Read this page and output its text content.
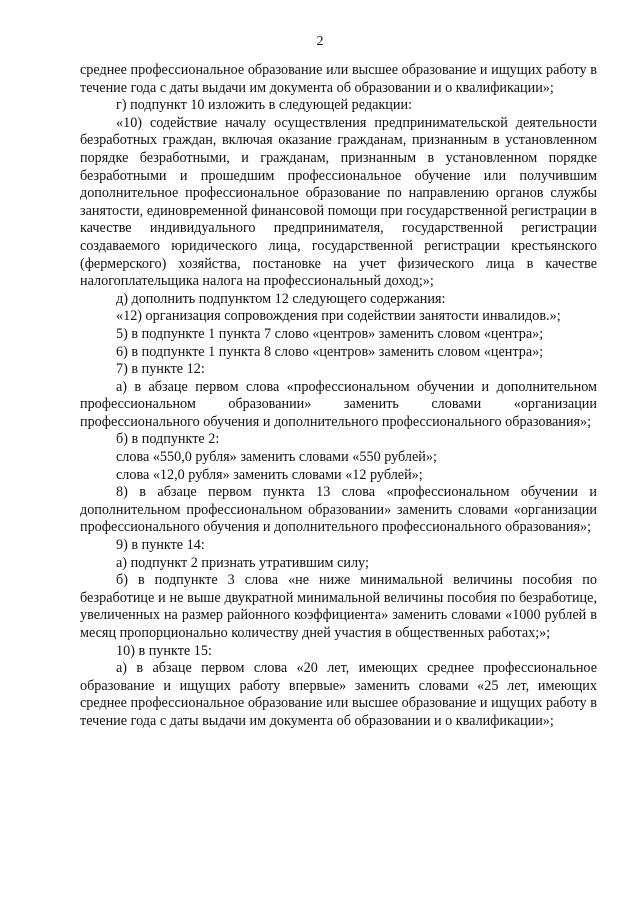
2

среднее профессиональное образование или высшее образование и ищущих работу в течение года с даты выдачи им документа об образовании и о квалификации»;

г) подпункт 10 изложить в следующей редакции:

«10) содействие началу осуществления предпринимательской деятельности безработных граждан, включая оказание гражданам, признанным в установленном порядке безработными, и гражданам, признанным в установленном порядке безработными и прошедшим профессиональное обучение или получившим дополнительное профессиональное образование по направлению органов службы занятости, единовременной финансовой помощи при государственной регистрации в качестве индивидуального предпринимателя, государственной регистрации создаваемого юридического лица, государственной регистрации крестьянского (фермерского) хозяйства, постановке на учет физического лица в качестве налогоплательщика налога на профессиональный доход;»;

д) дополнить подпунктом 12 следующего содержания:

«12) организация сопровождения при содействии занятости инвалидов.»;

5) в подпункте 1 пункта 7 слово «центров» заменить словом «центра»;

6) в подпункте 1 пункта 8 слово «центров» заменить словом «центра»;

7) в пункте 12:

а) в абзаце первом слова «профессиональном обучении и дополнительном профессиональном образовании» заменить словами «организации профессионального обучения и дополнительного профессионального образования»;

б) в подпункте 2:

слова «550,0 рубля» заменить словами «550 рублей»;

слова «12,0 рубля» заменить словами «12 рублей»;

8) в абзаце первом пункта 13 слова «профессиональном обучении и дополнительном профессиональном образовании» заменить словами «организации профессионального обучения и дополнительного профессионального образования»;

9) в пункте 14:

а) подпункт 2 признать утратившим силу;

б) в подпункте 3 слова «не ниже минимальной величины пособия по безработице и не выше двукратной минимальной величины пособия по безработице, увеличенных на размер районного коэффициента» заменить словами «1000 рублей в месяц пропорционально количеству дней участия в общественных работах;»;

10) в пункте 15:

а) в абзаце первом слова «20 лет, имеющих среднее профессиональное образование и ищущих работу впервые» заменить словами «25 лет, имеющих среднее профессиональное образование или высшее образование и ищущих работу в течение года с даты выдачи им документа об образовании и о квалификации»;
